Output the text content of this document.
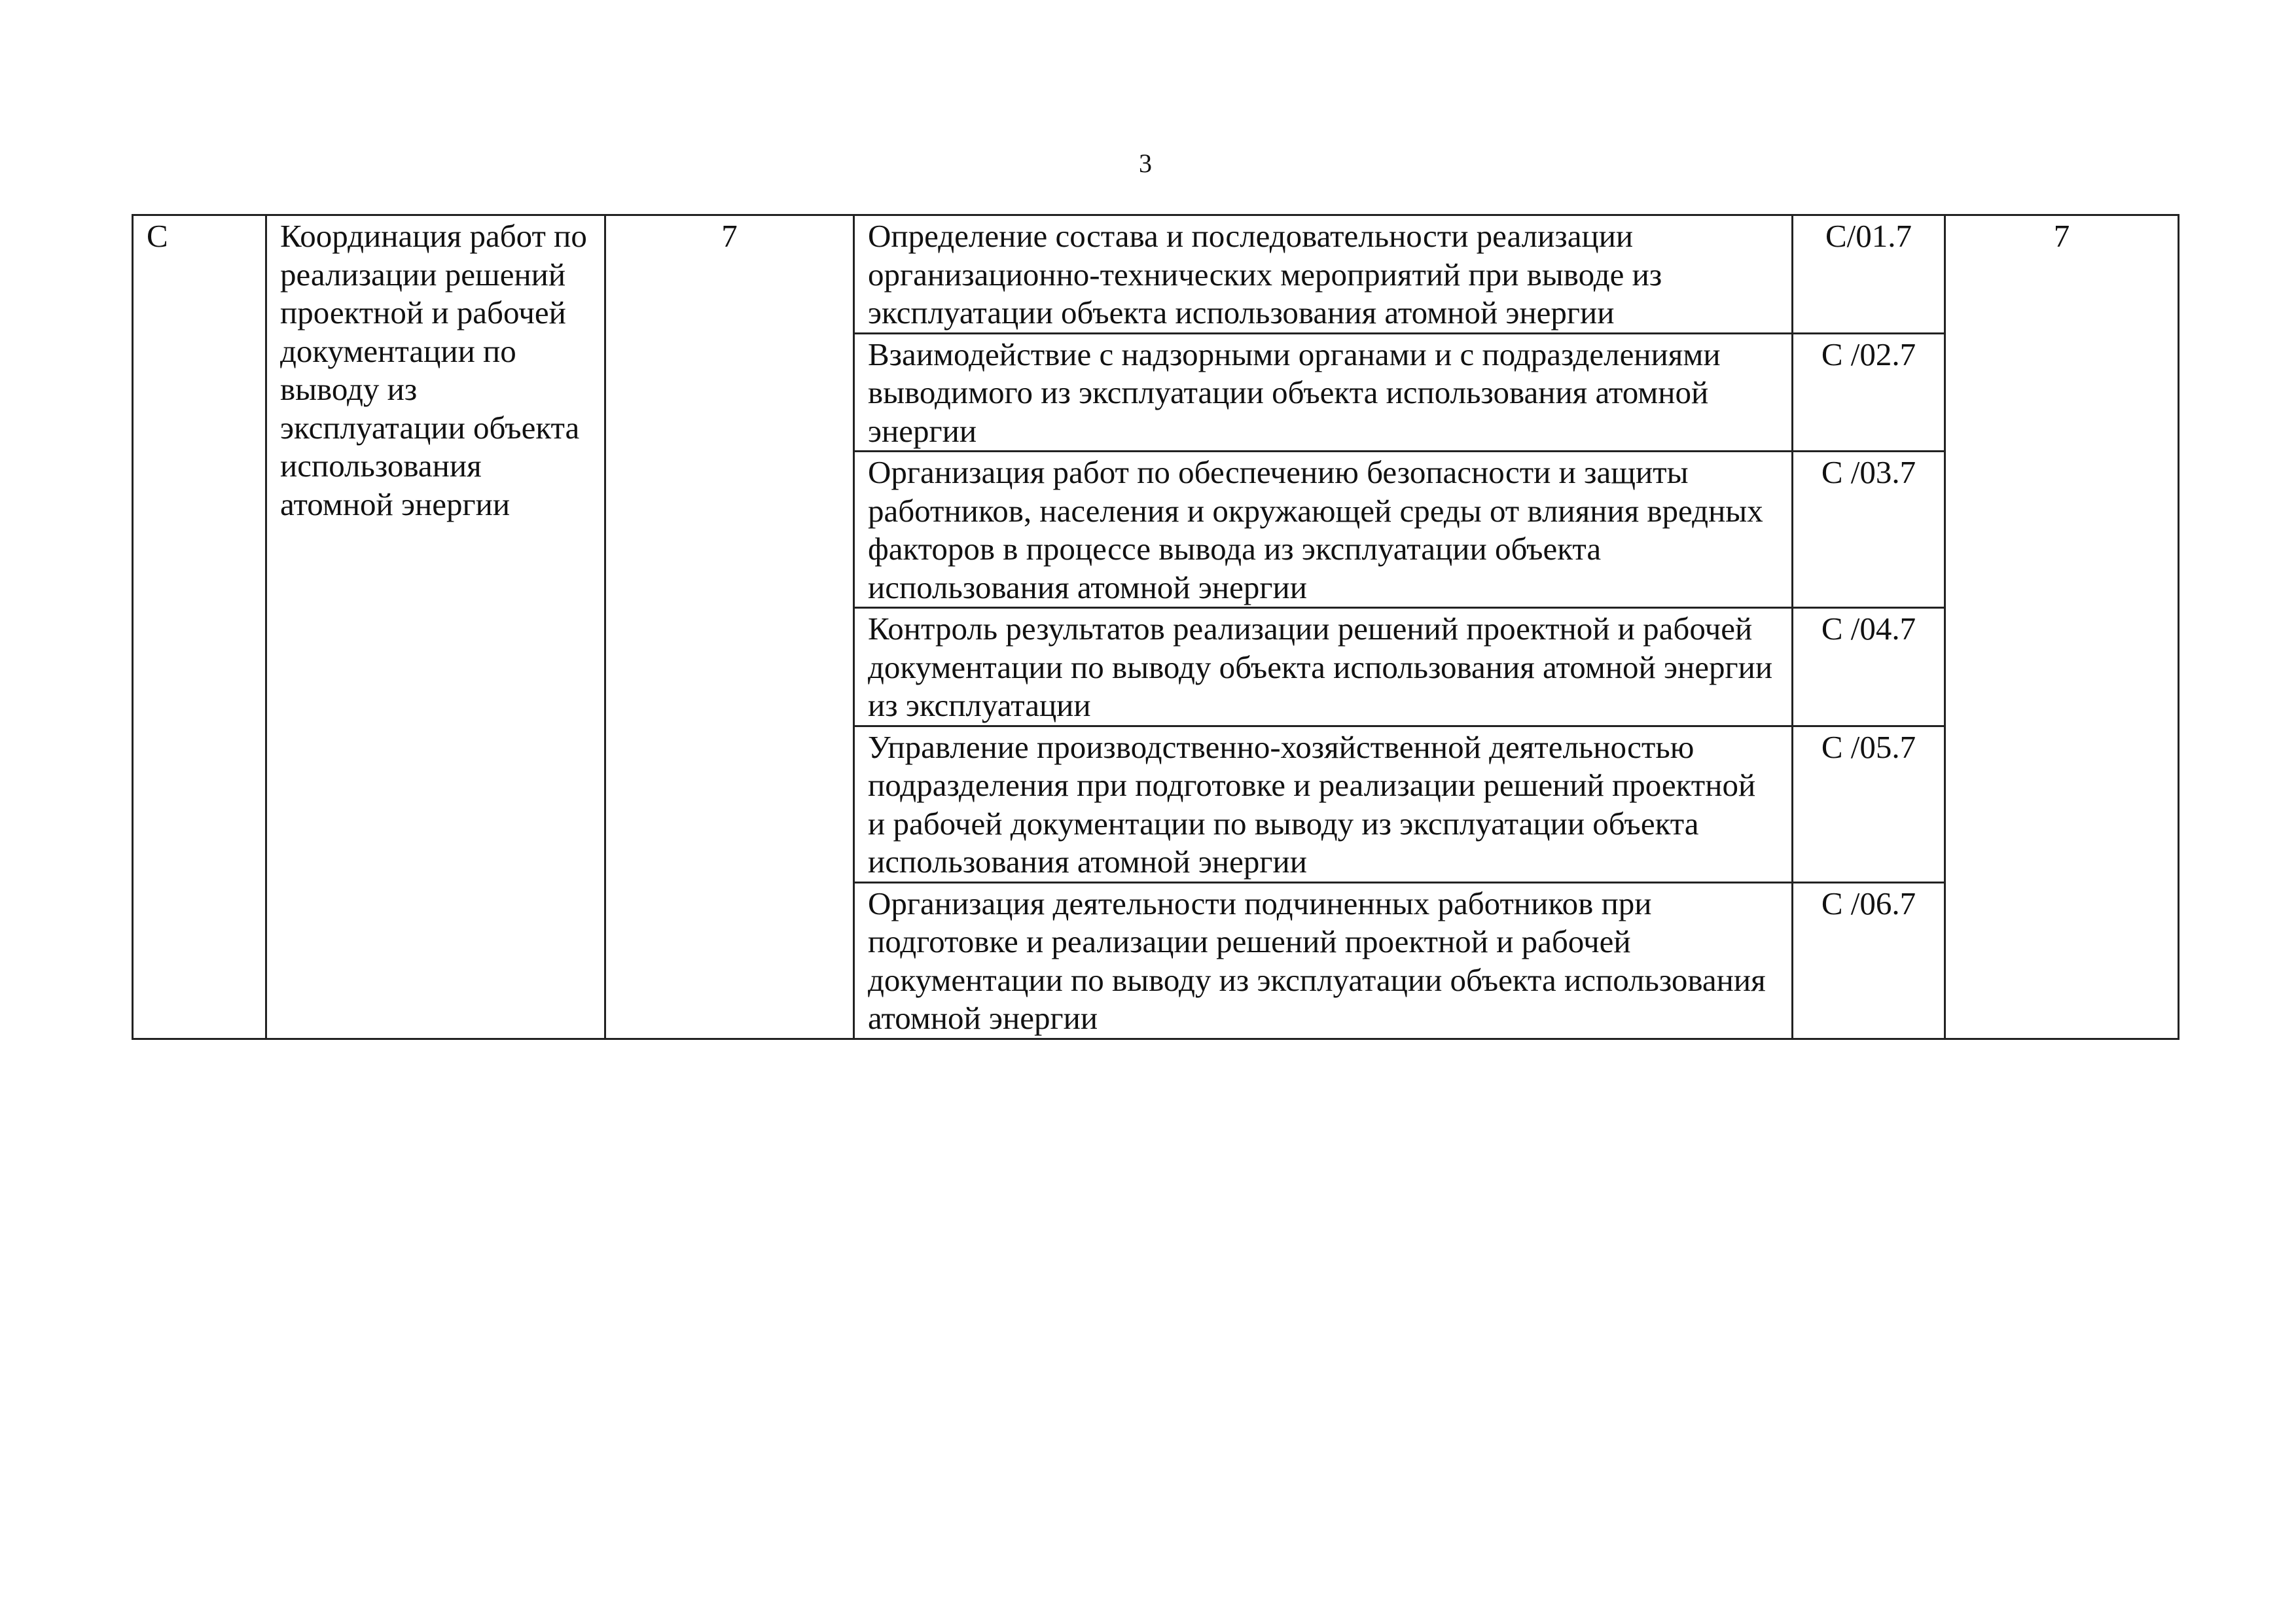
3
C	Координация работ по реализации решений проектной и рабочей документации по выводу из эксплуатации объекта использования атомной энергии	7	Определение состава и последовательности реализации организационно-технических мероприятий при выводе из эксплуатации объекта использования атомной энергии	C/01.7	7
			Взаимодействие с надзорными органами и с подразделениями выводимого из эксплуатации объекта использования атомной энергии	C /02.7	
			Организация работ по обеспечению безопасности и защиты работников, населения и окружающей среды от влияния вредных факторов в процессе вывода из эксплуатации объекта использования атомной энергии	C /03.7	
			Контроль результатов реализации решений проектной и рабочей документации по выводу объекта использования атомной энергии из эксплуатации	C /04.7	
			Управление производственно-хозяйственной деятельностью подразделения при подготовке и реализации решений проектной и рабочей документации по выводу из эксплуатации объекта использования атомной энергии	C /05.7	
			Организация деятельности подчиненных работников при подготовке и реализации решений проектной и рабочей документации по выводу из эксплуатации объекта использования атомной энергии	C /06.7	
